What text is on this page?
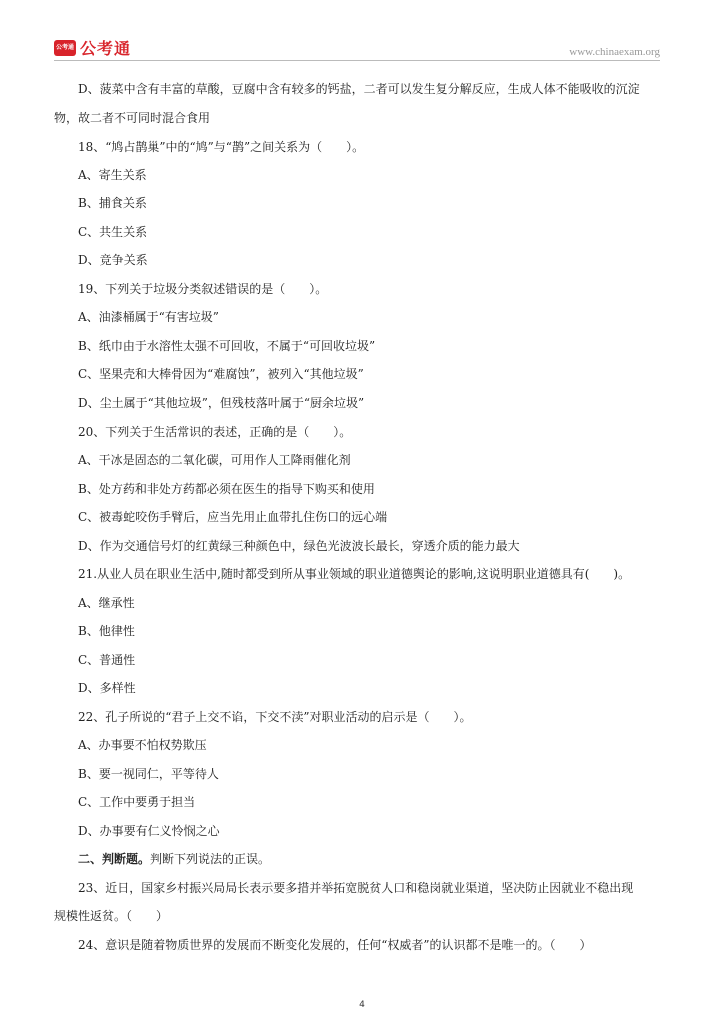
公考通 公考通	www.chinaexam.org
　　二、判断题。判断下列说法的正误。
　　D、菠菜中含有丰富的草酸，豆腐中含有较多的钙盐，二者可以发生复分解反应，生成人体不能吸收的沉淀
物，故二者不可同时混合食用
　　18、“鸠占鹊巢”中的“鸠”与“鹊”之间关系为（　　）。
　　A、寄生关系
　　B、捕食关系
　　C、共生关系
　　D、竞争关系
　　19、下列关于垃圾分类叙述错误的是（　　）。
　　A、油漆桶属于“有害垃圾”
　　B、纸巾由于水溶性太强不可回收，不属于“可回收垃圾”
　　C、坚果壳和大棒骨因为“难腐蚀”，被列入“其他垃圾”
　　D、尘土属于“其他垃圾”，但残枝落叶属于“厨余垃圾”
　　20、下列关于生活常识的表述，正确的是（　　）。
　　A、干冰是固态的二氧化碳，可用作人工降雨催化剂
　　B、处方药和非处方药都必须在医生的指导下购买和使用
　　C、被毒蛇咬伤手臂后，应当先用止血带扎住伤口的远心端
　　D、作为交通信号灯的红黄绿三种颜色中，绿色光波波长最长，穿透介质的能力最大
　　21.从业人员在职业生活中,随时都受到所从事业领域的职业道德舆论的影响,这说明职业道德具有(　　)。
　　A、继承性
　　B、他律性
　　C、普通性
　　D、多样性
　　22、孔子所说的“君子上交不谄，下交不渎”对职业活动的启示是（　　）。
　　A、办事要不怕权势欺压
　　B、要一视同仁，平等待人
　　C、工作中要勇于担当
　　D、办事要有仁义怜悯之心
　　23、近日，国家乡村振兴局局长表示要多措并举拓宽脱贫人口和稳岗就业渠道，坚决防止因就业不稳出现
规模性返贫。（　　）
　　24、意识是随着物质世界的发展而不断变化发展的，任何“权威者”的认识都不是唯一的。（　　）
4
